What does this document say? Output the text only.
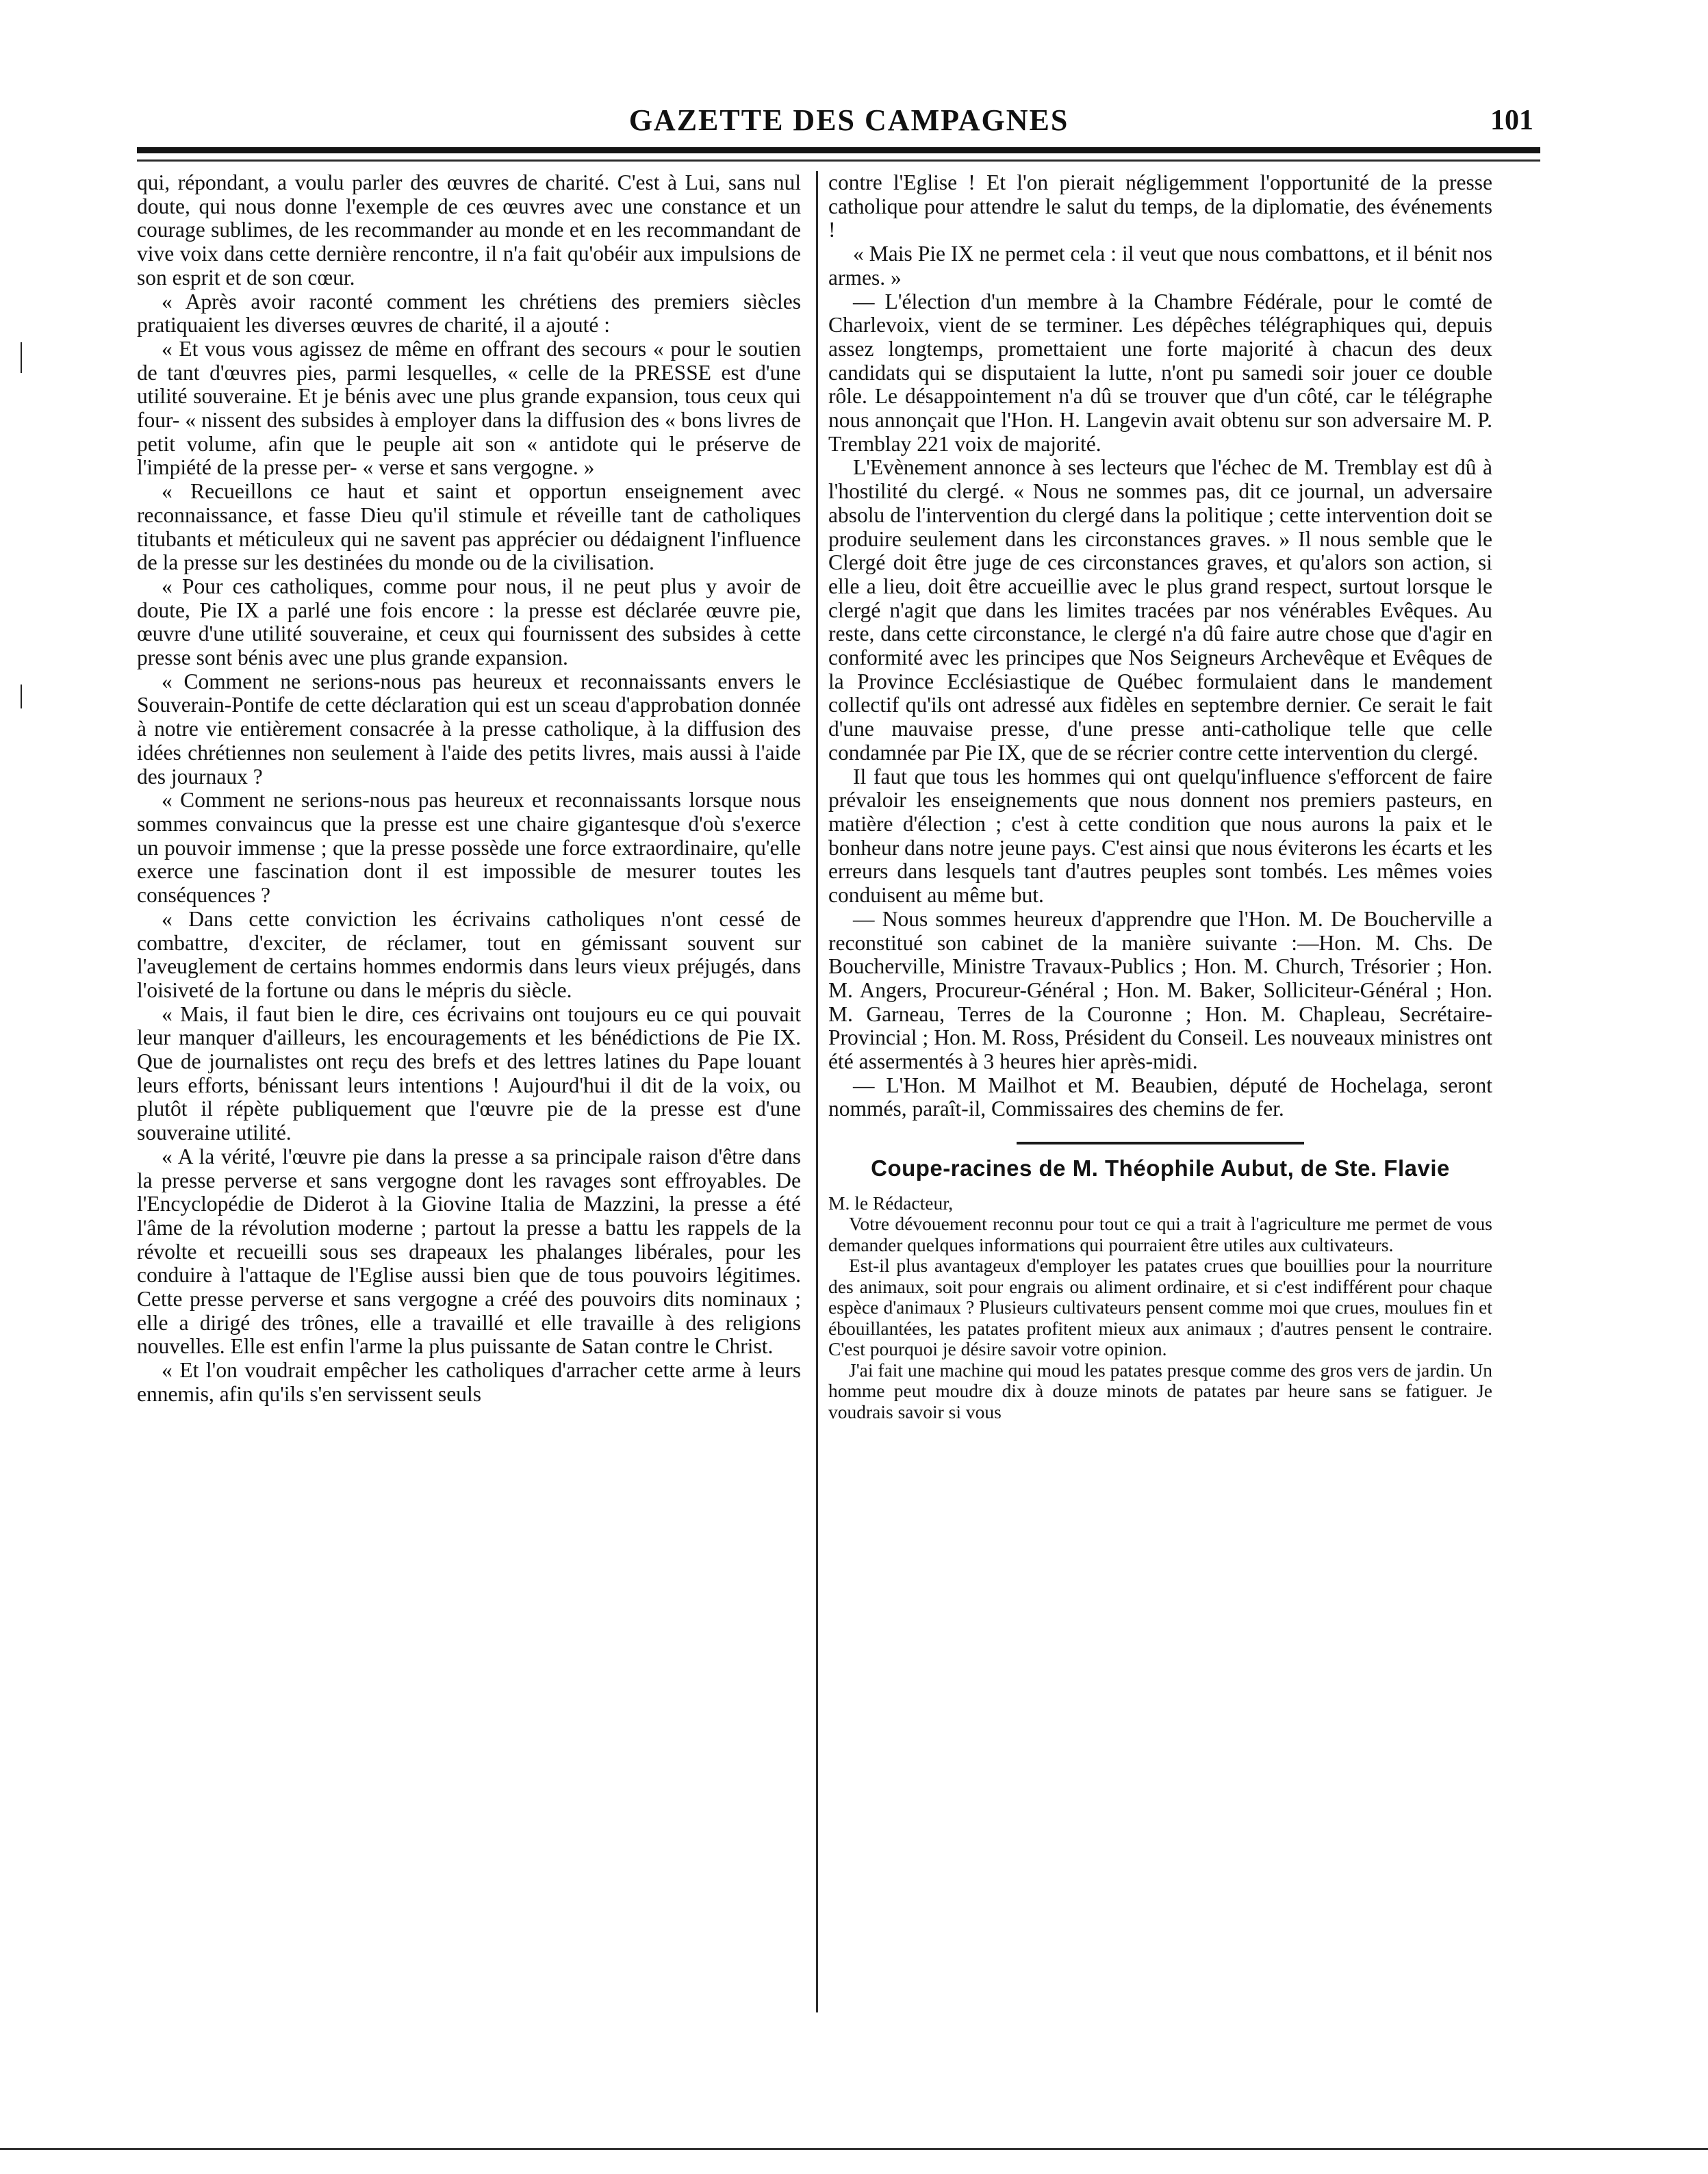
GAZETTE DES CAMPAGNES	101

qui, répondant, a voulu parler des œuvres de charité. C'est à Lui, sans nul doute, qui nous donne l'exemple de ces œuvres avec une constance et un courage sublimes, de les recommander au monde et en les recommandant de vive voix dans cette dernière rencontre, il n'a fait qu'obéir aux impulsions de son esprit et de son cœur.

« Après avoir raconté comment les chrétiens des premiers siècles pratiquaient les diverses œuvres de charité, il a ajouté :

« Et vous vous agissez de même en offrant des secours « pour le soutien de tant d'œuvres pies, parmi lesquelles, « celle de la PRESSE est d'une utilité souveraine. Et je bénis avec une plus grande expansion, tous ceux qui four- « nissent des subsides à employer dans la diffusion des « bons livres de petit volume, afin que le peuple ait son « antidote qui le préserve de l'impiété de la presse per- « verse et sans vergogne. »

« Recueillons ce haut et saint et opportun enseignement avec reconnaissance, et fasse Dieu qu'il stimule et réveille tant de catholiques titubants et méticuleux qui ne savent pas apprécier ou dédaignent l'influence de la presse sur les destinées du monde ou de la civilisation.

« Pour ces catholiques, comme pour nous, il ne peut plus y avoir de doute, Pie IX a parlé une fois encore : la presse est déclarée œuvre pie, œuvre d'une utilité souveraine, et ceux qui fournissent des subsides à cette presse sont bénis avec une plus grande expansion.

« Comment ne serions-nous pas heureux et reconnaissants envers le Souverain-Pontife de cette déclaration qui est un sceau d'approbation donnée à notre vie entièrement consacrée à la presse catholique, à la diffusion des idées chrétiennes non seulement à l'aide des petits livres, mais aussi à l'aide des journaux ?

« Comment ne serions-nous pas heureux et reconnaissants lorsque nous sommes convaincus que la presse est une chaire gigantesque d'où s'exerce un pouvoir immense ; que la presse possède une force extraordinaire, qu'elle exerce une fascination dont il est impossible de mesurer toutes les conséquences ?

« Dans cette conviction les écrivains catholiques n'ont cessé de combattre, d'exciter, de réclamer, tout en gémissant souvent sur l'aveuglement de certains hommes endormis dans leurs vieux préjugés, dans l'oisiveté de la fortune ou dans le mépris du siècle.

« Mais, il faut bien le dire, ces écrivains ont toujours eu ce qui pouvait leur manquer d'ailleurs, les encouragements et les bénédictions de Pie IX. Que de journalistes ont reçu des brefs et des lettres latines du Pape louant leurs efforts, bénissant leurs intentions ! Aujourd'hui il dit de la voix, ou plutôt il répète publiquement que l'œuvre pie de la presse est d'une souveraine utilité.

« A la vérité, l'œuvre pie dans la presse a sa principale raison d'être dans la presse perverse et sans vergogne dont les ravages sont effroyables. De l'Encyclopédie de Diderot à la Giovine Italia de Mazzini, la presse a été l'âme de la révolution moderne ; partout la presse a battu les rappels de la révolte et recueilli sous ses drapeaux les phalanges libérales, pour les conduire à l'attaque de l'Eglise aussi bien que de tous pouvoirs légitimes. Cette presse perverse et sans vergogne a créé des pouvoirs dits nominaux ; elle a dirigé des trônes, elle a travaillé et elle travaille à des religions nouvelles. Elle est enfin l'arme la plus puissante de Satan contre le Christ.

« Et l'on voudrait empêcher les catholiques d'arracher cette arme à leurs ennemis, afin qu'ils s'en servissent seuls

contre l'Eglise ! Et l'on pierait négligemment l'opportunité de la presse catholique pour attendre le salut du temps, de la diplomatie, des événements !

« Mais Pie IX ne permet cela : il veut que nous combattons, et il bénit nos armes. »

— L'élection d'un membre à la Chambre Fédérale, pour le comté de Charlevoix, vient de se terminer. Les dépêches télégraphiques qui, depuis assez longtemps, promettaient une forte majorité à chacun des deux candidats qui se disputaient la lutte, n'ont pu samedi soir jouer ce double rôle. Le désappointement n'a dû se trouver que d'un côté, car le télégraphe nous annonçait que l'Hon. H. Langevin avait obtenu sur son adversaire M. P. Tremblay 221 voix de majorité.

L'Evènement annonce à ses lecteurs que l'échec de M. Tremblay est dû à l'hostilité du clergé. « Nous ne sommes pas, dit ce journal, un adversaire absolu de l'intervention du clergé dans la politique ; cette intervention doit se produire seulement dans les circonstances graves. » Il nous semble que le Clergé doit être juge de ces circonstances graves, et qu'alors son action, si elle a lieu, doit être accueillie avec le plus grand respect, surtout lorsque le clergé n'agit que dans les limites tracées par nos vénérables Evêques. Au reste, dans cette circonstance, le clergé n'a dû faire autre chose que d'agir en conformité avec les principes que Nos Seigneurs Archevêque et Evêques de la Province Ecclésiastique de Québec formulaient dans le mandement collectif qu'ils ont adressé aux fidèles en septembre dernier. Ce serait le fait d'une mauvaise presse, d'une presse anti-catholique telle que celle condamnée par Pie IX, que de se récrier contre cette intervention du clergé.

Il faut que tous les hommes qui ont quelqu'influence s'efforcent de faire prévaloir les enseignements que nous donnent nos premiers pasteurs, en matière d'élection ; c'est à cette condition que nous aurons la paix et le bonheur dans notre jeune pays. C'est ainsi que nous éviterons les écarts et les erreurs dans lesquels tant d'autres peuples sont tombés. Les mêmes voies conduisent au même but.

— Nous sommes heureux d'apprendre que l'Hon. M. De Boucherville a reconstitué son cabinet de la manière suivante :—Hon. M. Chs. De Boucherville, Ministre Travaux-Publics ; Hon. M. Church, Trésorier ; Hon. M. Angers, Procureur-Général ; Hon. M. Baker, Solliciteur-Général ; Hon. M. Garneau, Terres de la Couronne ; Hon. M. Chapleau, Secrétaire-Provincial ; Hon. M. Ross, Président du Conseil. Les nouveaux ministres ont été assermentés à 3 heures hier après-midi.

— L'Hon. M Mailhot et M. Beaubien, député de Hochelaga, seront nommés, paraît-il, Commissaires des chemins de fer.

Coupe-racines de M. Théophile Aubut, de Ste. Flavie

M. le Rédacteur,

Votre dévouement reconnu pour tout ce qui a trait à l'agriculture me permet de vous demander quelques informations qui pourraient être utiles aux cultivateurs.

Est-il plus avantageux d'employer les patates crues que bouillies pour la nourriture des animaux, soit pour engrais ou aliment ordinaire, et si c'est indifférent pour chaque espèce d'animaux ? Plusieurs cultivateurs pensent comme moi que crues, moulues fin et ébouillantées, les patates profitent mieux aux animaux ; d'autres pensent le contraire. C'est pourquoi je désire savoir votre opinion.

J'ai fait une machine qui moud les patates presque comme des gros vers de jardin. Un homme peut moudre dix à douze minots de patates par heure sans se fatiguer. Je voudrais savoir si vous
